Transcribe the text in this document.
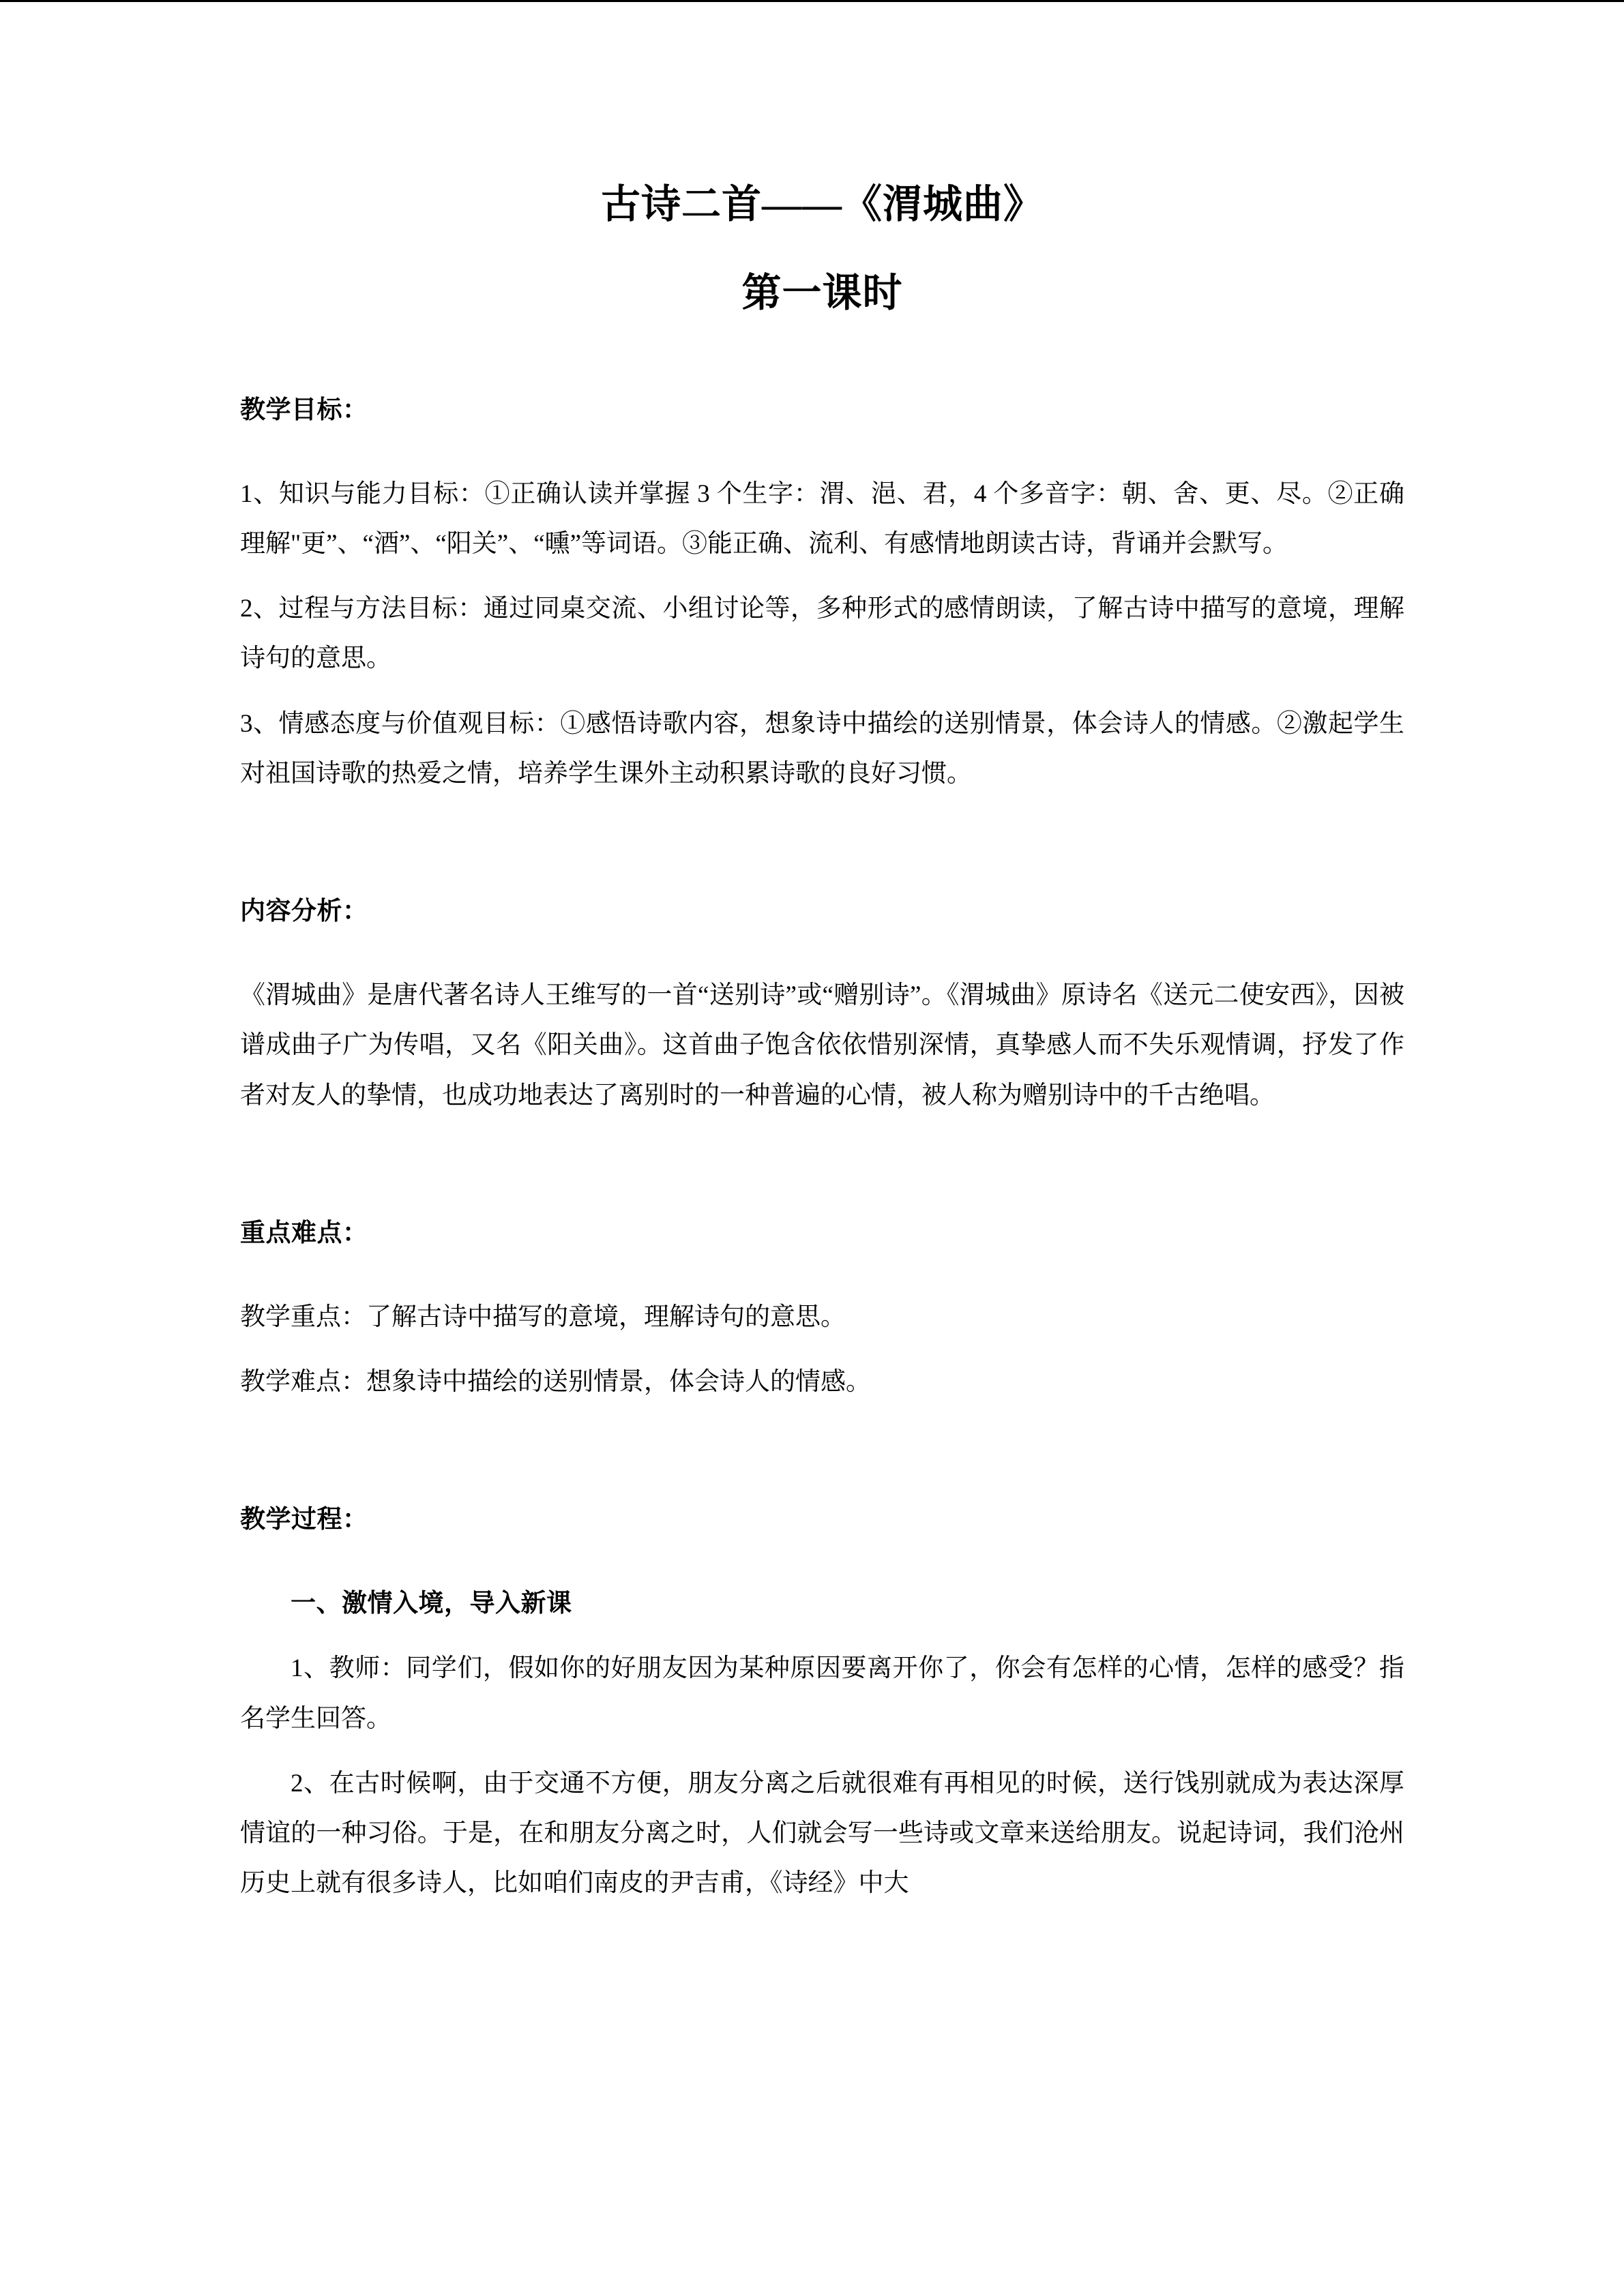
古诗二首——《渭城曲》
第一课时
教学目标：

1、知识与能力目标：①正确认读并掌握 3 个生字：渭、浥、君，4 个多音字：朝、舍、更、尽。②正确理解"更”、“酒”、“阳关”、“曛”等词语。③能正确、流利、有感情地朗读古诗，背诵并会默写。

2、过程与方法目标：通过同桌交流、小组讨论等，多种形式的感情朗读，了解古诗中描写的意境，理解诗句的意思。

3、情感态度与价值观目标：①感悟诗歌内容，想象诗中描绘的送别情景，体会诗人的情感。②激起学生对祖国诗歌的热爱之情，培养学生课外主动积累诗歌的良好习惯。

内容分析：

《渭城曲》是唐代著名诗人王维写的一首“送别诗”或“赠别诗”。《渭城曲》原诗名《送元二使安西》，因被谱成曲子广为传唱，又名《阳关曲》。这首曲子饱含依依惜别深情，真挚感人而不失乐观情调，抒发了作者对友人的挚情，也成功地表达了离别时的一种普遍的心情，被人称为赠别诗中的千古绝唱。

重点难点：

教学重点：了解古诗中描写的意境，理解诗句的意思。

教学难点：想象诗中描绘的送别情景，体会诗人的情感。

教学过程：
一、激情入境，导入新课

1、教师：同学们，假如你的好朋友因为某种原因要离开你了，你会有怎样的心情，怎样的感受？指名学生回答。

2、在古时候啊，由于交通不方便，朋友分离之后就很难有再相见的时候，送行饯别就成为表达深厚情谊的一种习俗。于是，在和朋友分离之时，人们就会写一些诗或文章来送给朋友。说起诗词，我们沧州历史上就有很多诗人，比如咱们南皮的尹吉甫，《诗经》中大
